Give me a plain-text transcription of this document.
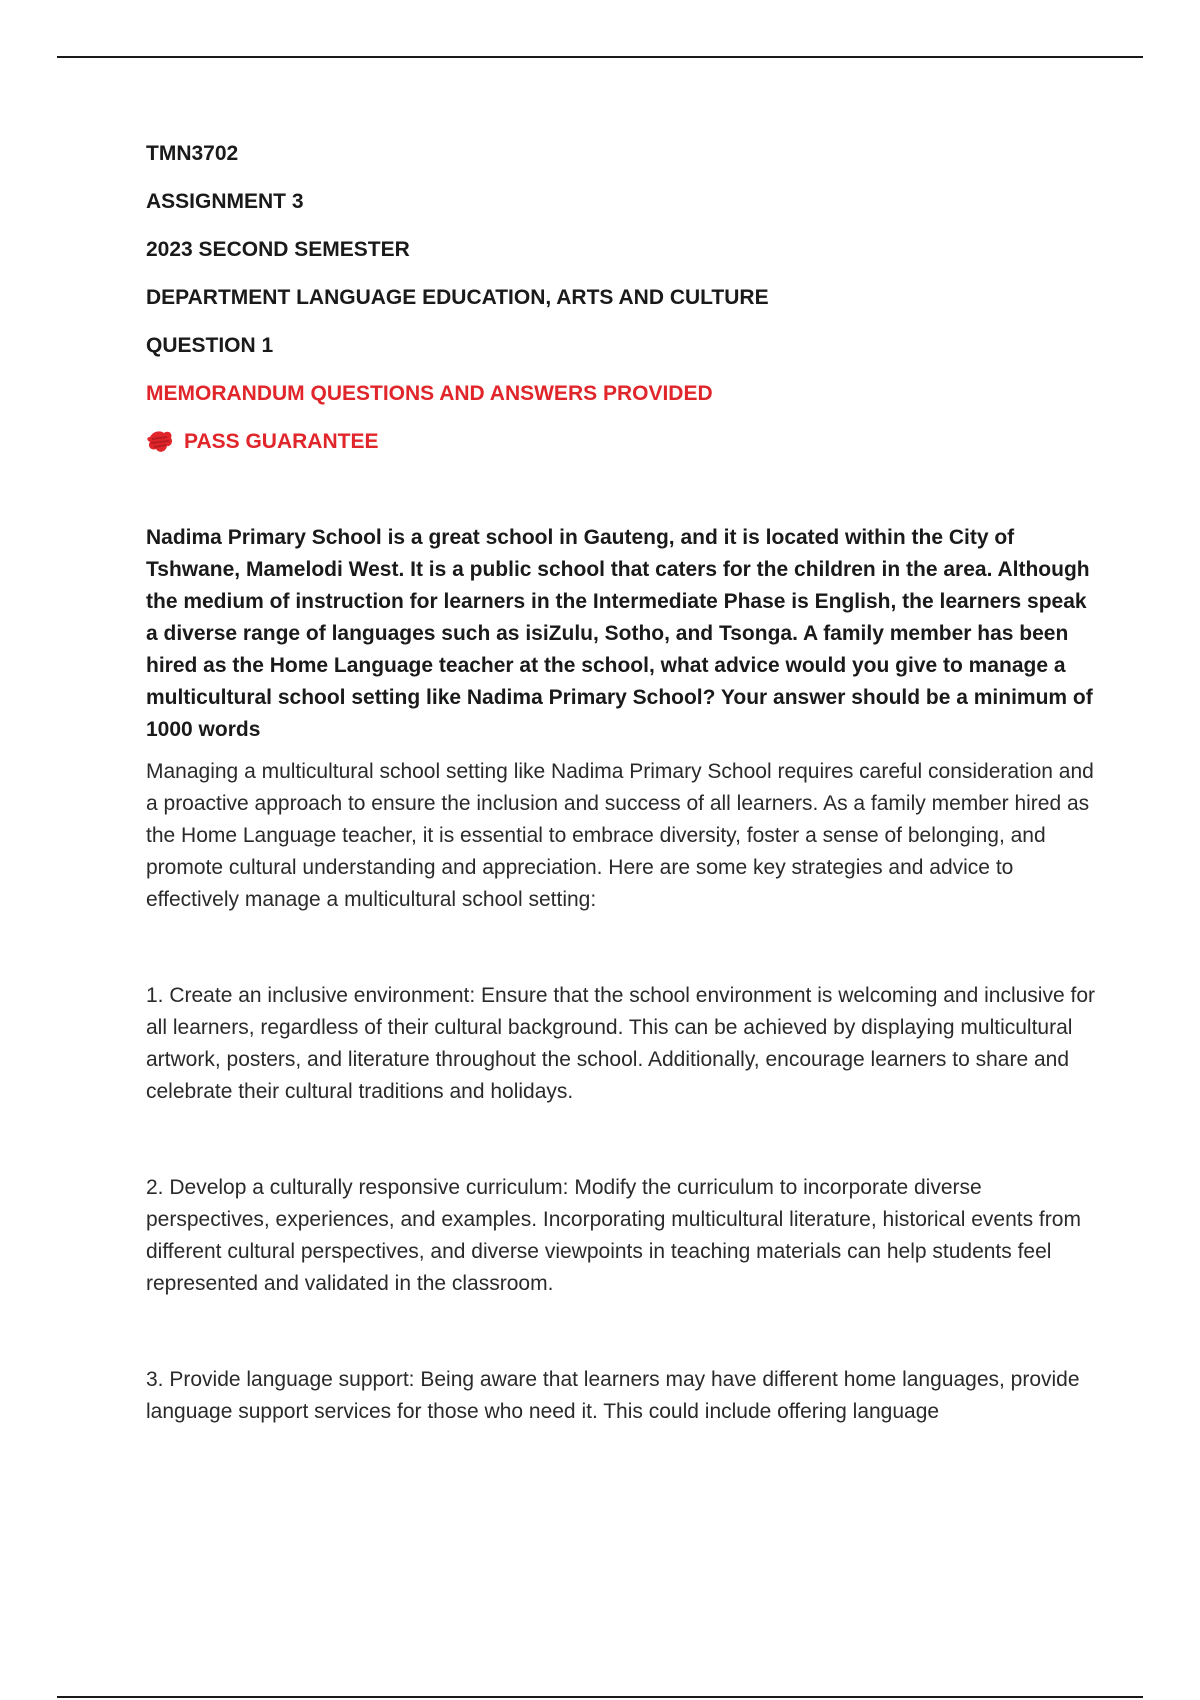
TMN3702
ASSIGNMENT 3
2023 SECOND SEMESTER
DEPARTMENT LANGUAGE EDUCATION, ARTS AND CULTURE
QUESTION 1
MEMORANDUM QUESTIONS AND ANSWERS PROVIDED
PASS GUARANTEE

Nadima Primary School is a great school in Gauteng, and it is located within the City of Tshwane, Mamelodi West. It is a public school that caters for the children in the area. Although the medium of instruction for learners in the Intermediate Phase is English, the learners speak a diverse range of languages such as isiZulu, Sotho, and Tsonga. A family member has been hired as the Home Language teacher at the school, what advice would you give to manage a multicultural school setting like Nadima Primary School? Your answer should be a minimum of 1000 words

Managing a multicultural school setting like Nadima Primary School requires careful consideration and a proactive approach to ensure the inclusion and success of all learners. As a family member hired as the Home Language teacher, it is essential to embrace diversity, foster a sense of belonging, and promote cultural understanding and appreciation. Here are some key strategies and advice to effectively manage a multicultural school setting:

1. Create an inclusive environment: Ensure that the school environment is welcoming and inclusive for all learners, regardless of their cultural background. This can be achieved by displaying multicultural artwork, posters, and literature throughout the school. Additionally, encourage learners to share and celebrate their cultural traditions and holidays.

2. Develop a culturally responsive curriculum: Modify the curriculum to incorporate diverse perspectives, experiences, and examples. Incorporating multicultural literature, historical events from different cultural perspectives, and diverse viewpoints in teaching materials can help students feel represented and validated in the classroom.

3. Provide language support: Being aware that learners may have different home languages, provide language support services for those who need it. This could include offering language
